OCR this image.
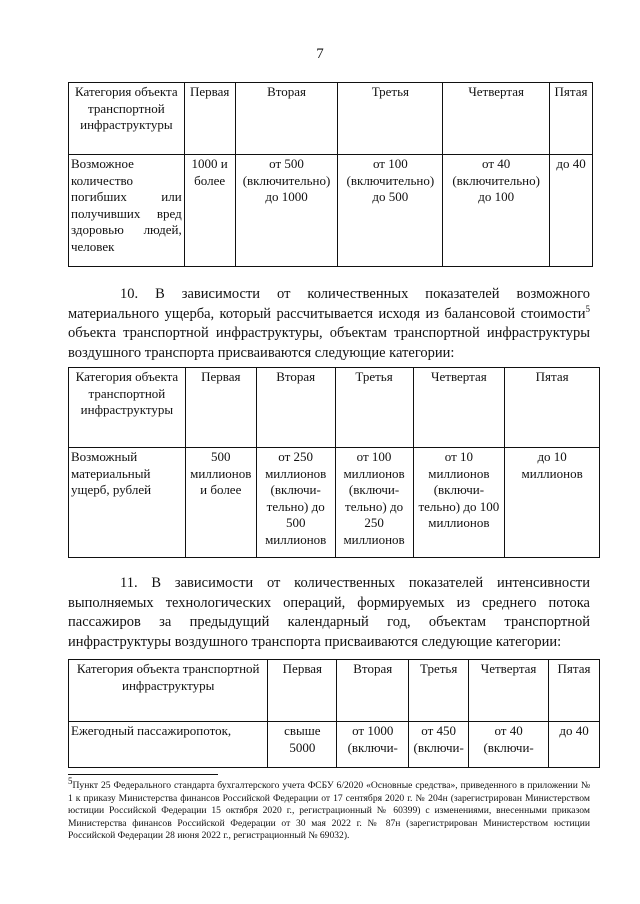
7
Категория объекта транспортной инфраструктуры	Первая	Вторая	Третья	Четвертая	Пятая
Возможное количество погибших или получивших вред здоровью людей, человек	1000 и более	от 500 (включительно) до 1000	от 100 (включительно) до 500	от 40 (включительно) до 100	до 40

10. В зависимости от количественных показателей возможного материального ущерба, который рассчитывается исходя из балансовой стоимости$^5$ объекта транспортной инфраструктуры, объектам транспортной инфраструктуры воздушного транспорта присваиваются следующие категории:

Категория объекта транспортной инфраструктуры	Первая	Вторая	Третья	Четвертая	Пятая
Возможный материальный ущерб, рублей	500 миллионов и более	от 250 миллионов (включи-тельно) до 500 миллионов	от 100 миллионов (включи-тельно) до 250 миллионов	от 10 миллионов (включи-тельно) до 100 миллионов	до 10 миллионов

11. В зависимости от количественных показателей интенсивности выполняемых технологических операций, формируемых из среднего потока пассажиров за предыдущий календарный год, объектам транспортной инфраструктуры воздушного транспорта присваиваются следующие категории:

Категория объекта транспортной инфраструктуры	Первая	Вторая	Третья	Четвертая	Пятая
Ежегодный пассажиропоток,	свыше 5000	от 1000 (включи-	от 450 (включи-	от 40 (включи-	до 40
$^5$Пункт 25 Федерального стандарта бухгалтерского учета ФСБУ 6/2020 «Основные средства», приведенного в приложении № 1 к приказу Министерства финансов Российской Федерации от 17 сентября 2020 г. № 204н (зарегистрирован Министерством юстиции Российской Федерации 15 октября 2020 г., регистрационный № 60399) с изменениями, внесенными приказом Министерства финансов Российской Федерации от 30 мая 2022 г. № 87н (зарегистрирован Министерством юстиции Российской Федерации 28 июня 2022 г., регистрационный № 69032).
